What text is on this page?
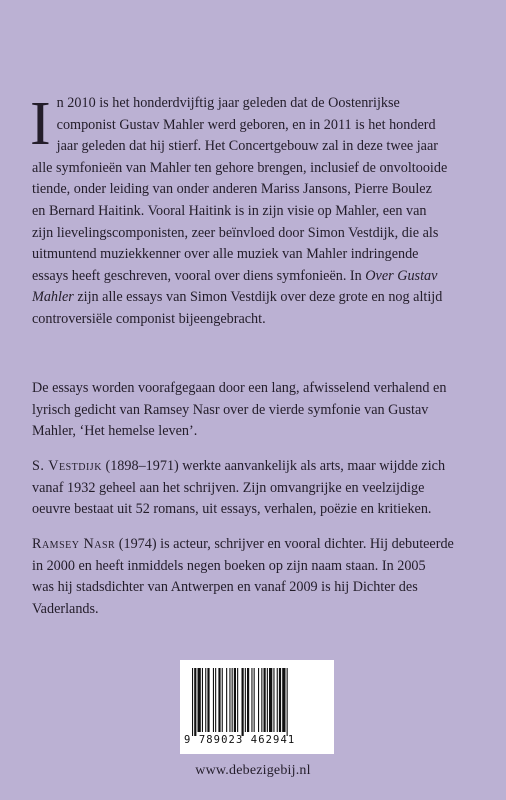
I n 2010 is het honderdvijftig jaar geleden dat de Oostenrijkse
componist Gustav Mahler werd geboren, en in 2011 is het honderd
jaar geleden dat hij stierf. Het Concertgebouw zal in deze twee jaar
alle symfonieën van Mahler ten gehore brengen, inclusief de onvoltooide
tiende, onder leiding van onder anderen Mariss Jansons, Pierre Boulez
en Bernard Haitink. Vooral Haitink is in zijn visie op Mahler, een van
zijn lievelingscomponisten, zeer beïnvloed door Simon Vestdijk, die als
uitmuntend muziekkenner over alle muziek van Mahler indringende
essays heeft geschreven, vooral over diens symfonieën. In Over Gustav
Mahler zijn alle essays van Simon Vestdijk over deze grote en nog altijd
controversiële componist bijeengebracht.
De essays worden voorafgegaan door een lang, afwisselend verhalend en
lyrisch gedicht van Ramsey Nasr over de vierde symfonie van Gustav
Mahler, ‘Het hemelse leven’.
S. Vestdijk (1898–1971) werkte aanvankelijk als arts, maar wijdde zich
vanaf 1932 geheel aan het schrijven. Zijn omvangrijke en veelzijdige
oeuvre bestaat uit 52 romans, uit essays, verhalen, poëzie en kritieken.
Ramsey Nasr (1974) is acteur, schrijver en vooral dichter. Hij debuteerde
in 2000 en heeft inmiddels negen boeken op zijn naam staan. In 2005
was hij stadsdichter van Antwerpen en vanaf 2009 is hij Dichter des
Vaderlands.
9 789023 462941
www.debezigebij.nl
